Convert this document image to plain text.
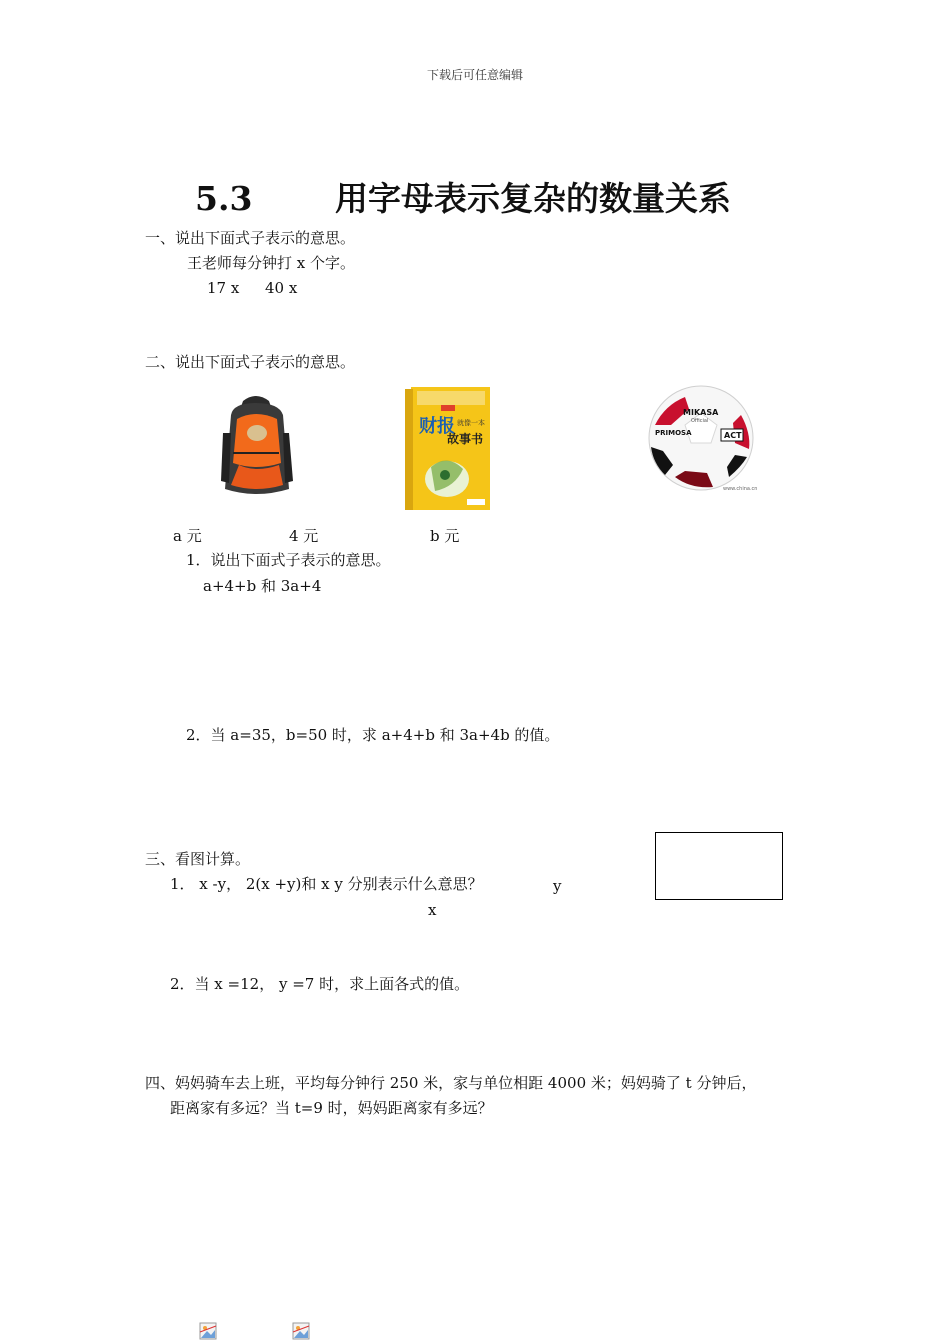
下载后可任意编辑
5.3	用字母表示复杂的数量关系
一、说出下面式子表示的意思。
王老师每分钟打 x 个字。
17 x 40 x
二、说出下面式子表示的意思。
财报 就像一本
故事书
MIKASA
Official
PRIMOSA	ACT
www.china.cn
a 元	4 元	b 元
1．说出下面式子表示的意思。
a+4+b 和 3a+4
2．当 a=35，b=50 时，求 a+4+b 和 3a+4b 的值。
三、看图计算。
1． x -y， 2(x +y)和 x y 分别表示什么意思？	y
x
2．当 x =12， y =7 时，求上面各式的值。
四、妈妈骑车去上班，平均每分钟行 250 米，家与单位相距 4000 米；妈妈骑了 t 分钟后，
距离家有多远？当 t=9 时，妈妈距离家有多远？
